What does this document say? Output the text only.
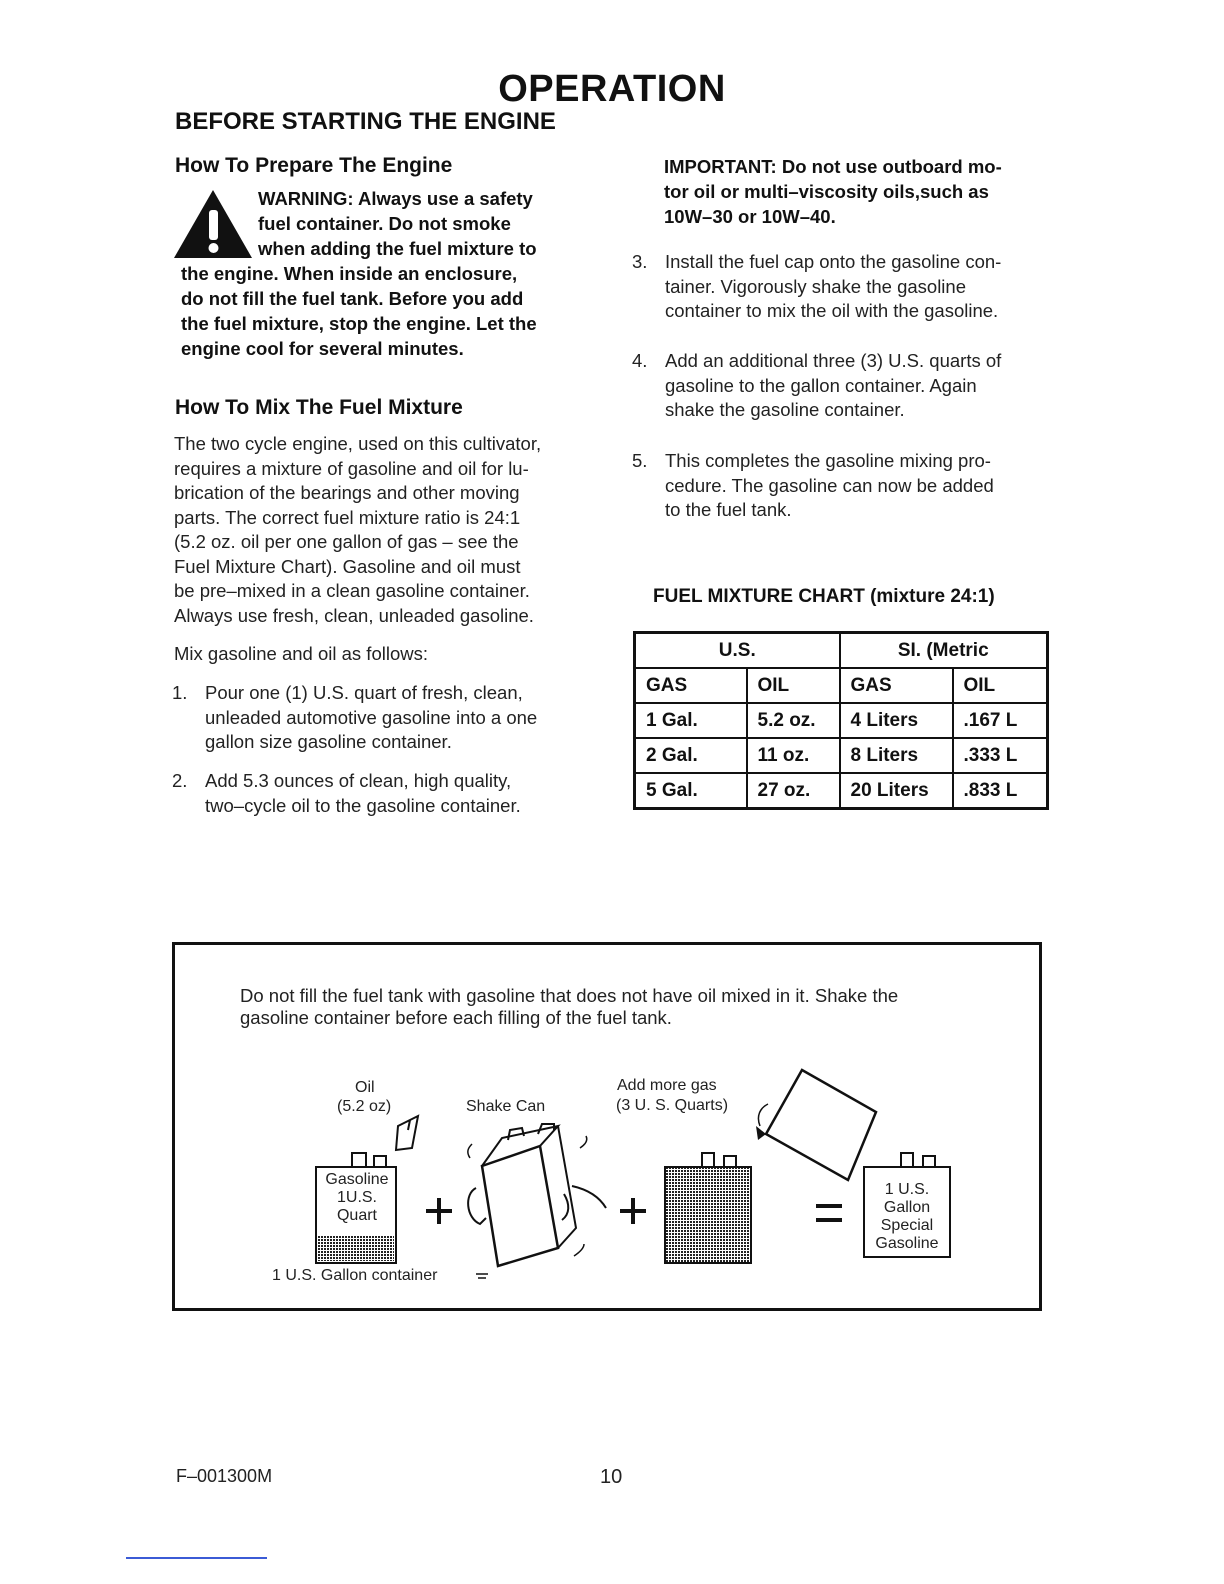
OPERATION
BEFORE STARTING THE ENGINE
How To Prepare The Engine
WARNING: Always use a safety
fuel container. Do not smoke
when adding the fuel mixture to
the engine. When inside an enclosure,
do not fill the fuel tank. Before you add
the fuel mixture, stop the engine. Let the
engine cool for several minutes.
How To Mix The Fuel Mixture
The two cycle engine, used on this cultivator,
requires a mixture of gasoline and oil for lu-
brication of the bearings and other moving
parts. The correct fuel mixture ratio is 24:1
(5.2 oz. oil per one gallon of gas – see the
Fuel Mixture Chart). Gasoline and oil must
be pre–mixed in a clean gasoline container.
Always use fresh, clean, unleaded gasoline.
Mix gasoline and oil as follows:
1. Pour one (1) U.S. quart of fresh, clean,
unleaded automotive gasoline into a one
gallon size gasoline container.
2. Add 5.3 ounces of clean, high quality,
two–cycle oil to the gasoline container.
IMPORTANT: Do not use outboard mo-
tor oil or multi–viscosity oils,such as
10W–30 or 10W–40.
3. Install the fuel cap onto the gasoline con-
tainer. Vigorously shake the gasoline
container to mix the oil with the gasoline.
4. Add an additional three (3) U.S. quarts of
gasoline to the gallon container. Again
shake the gasoline container.
5. This completes the gasoline mixing pro-
cedure. The gasoline can now be added
to the fuel tank.
FUEL MIXTURE CHART (mixture 24:1)
U.S.		SI. (Metric	
GAS	OIL	GAS	OIL
1 Gal.	5.2 oz.	4 Liters	.167 L
2 Gal.	11 oz.	8 Liters	.333 L
5 Gal.	27 oz.	20 Liters	.833 L
Do not fill the fuel tank with gasoline that does not have oil mixed in it. Shake the
gasoline container before each filling of the fuel tank.
Oil
(5.2 oz)	Shake Can
Add more gas
(3 U. S. Quarts)
Gasoline
1U.S.
Quart
1 U.S.
Gallon
Special
Gasoline
1 U.S. Gallon container
F–001300M	10
